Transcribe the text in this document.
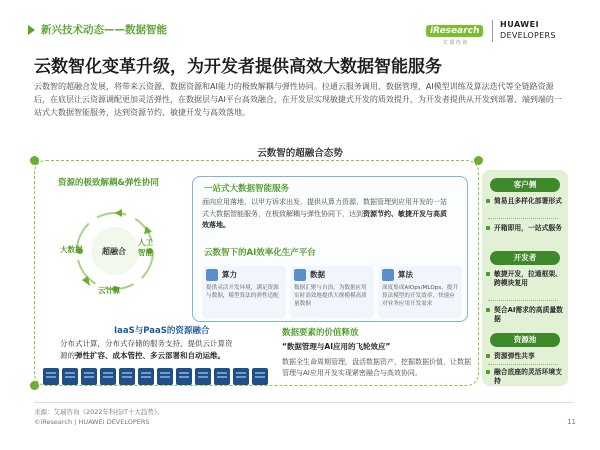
新兴技术动态——数据智能	iResearch
艾 瑞 咨 询
HUAWEI
DEVELOPERS
云数智化变革升级，为开发者提供高效大数据智能服务
云数智的超融合发展，将带来云资源、数据资源和AI能力的极致解耦与弹性协同。拉通云服务调用、数据管理、AI模型训练及算法迭代等全链路资源后，在底层让云资源调配更加灵活弹性，在数据层与AI平台高效融合，在开发层实现敏捷式开发的质效提升，为开发者提供从开发到部署、端到端的一站式大数据智能服务，达到资源节约、敏捷开发与高效落地。
云数智的超融合态势
资源的极致解耦&弹性协同
超融合
大数据
人工
智能
云计算
一站式大数据智能服务
面向应用落地，以甲方诉求出发，提供从算力资源、数据管理到应用开发的一站式大数据智能服务，在极致解耦与弹性协同下，达到资源节约、敏捷开发与高质效落地。
云数智下的AI效率化生产平台
算力
提供灵活开发环境，满足资源与数据，模型算法的弹性适配
数据
数据汇聚与自治，为数据应用实时高效地提供大规模模高质量数据
算法
深度集成AIOps/MLOps，提升算法模型的开发效率，快速应对业务应用开发需求
IaaS与PaaS的资源融合
分布式计算，分布式存储的服务支持，提供云计算资
源的弹性扩容、成本管控、多云部署和自动运维。
数据要素的价值释放
“数据管理与AI应用的飞轮效应”
数据全生命周期管理，盘活数据资产，挖掘数据价值，让数据管理与AI应用开发实现紧密融合与高效协同。
客户侧
简易且多样化部署形式
开箱即用，一站式服务
开发者
敏捷开发，拉通框架、跨模块复用
契合AI需求的高质量数据
资源池
资源弹性共享
融合底座的灵活环境支持
来源：艾瑞咨询《2022年科技IT十大趋势》。
©iResearch | HUAWEI DEVELOPERS	11
